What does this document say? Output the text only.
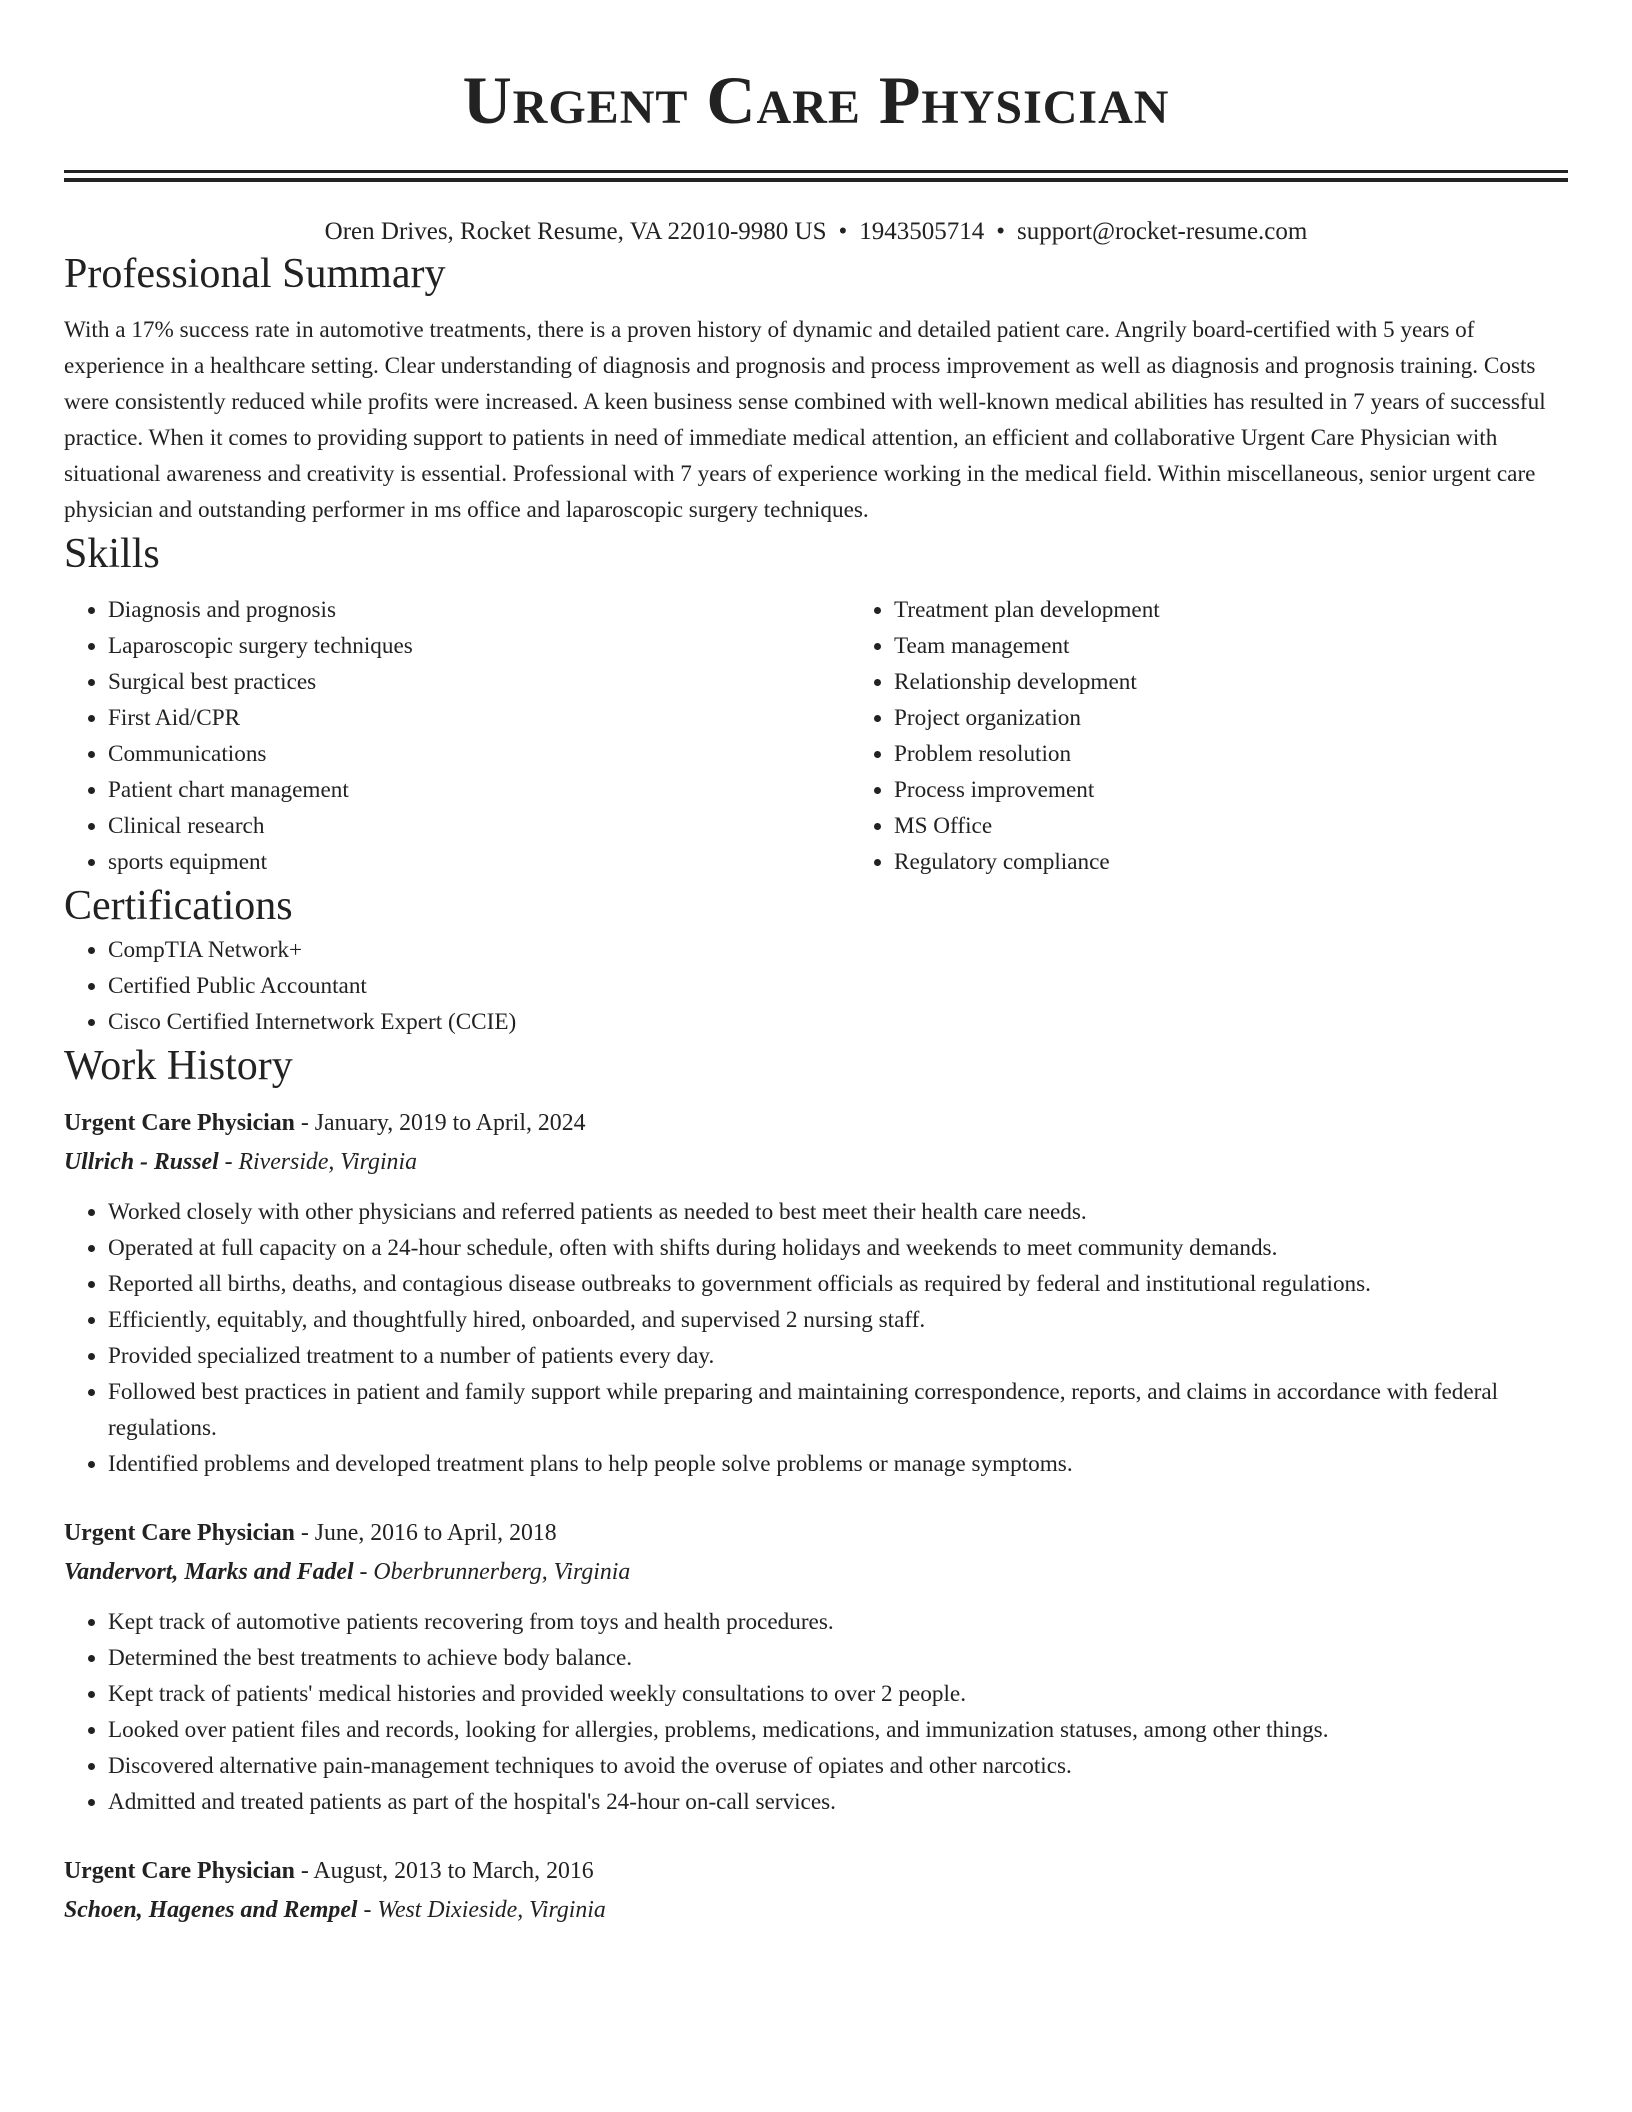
Urgent Care Physician
Oren Drives, Rocket Resume, VA 22010-9980 US • 1943505714 • support@rocket-resume.com
Professional Summary

With a 17% success rate in automotive treatments, there is a proven history of dynamic and detailed patient care. Angrily board-certified with 5 years of experience in a healthcare setting. Clear understanding of diagnosis and prognosis and process improvement as well as diagnosis and prognosis training. Costs were consistently reduced while profits were increased. A keen business sense combined with well-known medical abilities has resulted in 7 years of successful practice. When it comes to providing support to patients in need of immediate medical attention, an efficient and collaborative Urgent Care Physician with situational awareness and creativity is essential. Professional with 7 years of experience working in the medical field. Within miscellaneous, senior urgent care physician and outstanding performer in ms office and laparoscopic surgery techniques.

Skills
• Diagnosis and prognosis
• Laparoscopic surgery techniques
• Surgical best practices
• First Aid/CPR
• Communications
• Patient chart management
• Clinical research
• sports equipment
• Treatment plan development
• Team management
• Relationship development
• Project organization
• Problem resolution
• Process improvement
• MS Office
• Regulatory compliance
Certifications
• CompTIA Network+
• Certified Public Accountant
• Cisco Certified Internetwork Expert (CCIE)
Work History
Urgent Care Physician - January, 2019 to April, 2024
Ullrich - Russel - Riverside, Virginia
• Worked closely with other physicians and referred patients as needed to best meet their health care needs.
• Operated at full capacity on a 24-hour schedule, often with shifts during holidays and weekends to meet community demands.
• Reported all births, deaths, and contagious disease outbreaks to government officials as required by federal and institutional regulations.
• Efficiently, equitably, and thoughtfully hired, onboarded, and supervised 2 nursing staff.
• Provided specialized treatment to a number of patients every day.
• Followed best practices in patient and family support while preparing and maintaining correspondence, reports, and claims in accordance with federal regulations.
• Identified problems and developed treatment plans to help people solve problems or manage symptoms.
Urgent Care Physician - June, 2016 to April, 2018
Vandervort, Marks and Fadel - Oberbrunnerberg, Virginia
• Kept track of automotive patients recovering from toys and health procedures.
• Determined the best treatments to achieve body balance.
• Kept track of patients' medical histories and provided weekly consultations to over 2 people.
• Looked over patient files and records, looking for allergies, problems, medications, and immunization statuses, among other things.
• Discovered alternative pain-management techniques to avoid the overuse of opiates and other narcotics.
• Admitted and treated patients as part of the hospital's 24-hour on-call services.
Urgent Care Physician - August, 2013 to March, 2016
Schoen, Hagenes and Rempel - West Dixieside, Virginia
